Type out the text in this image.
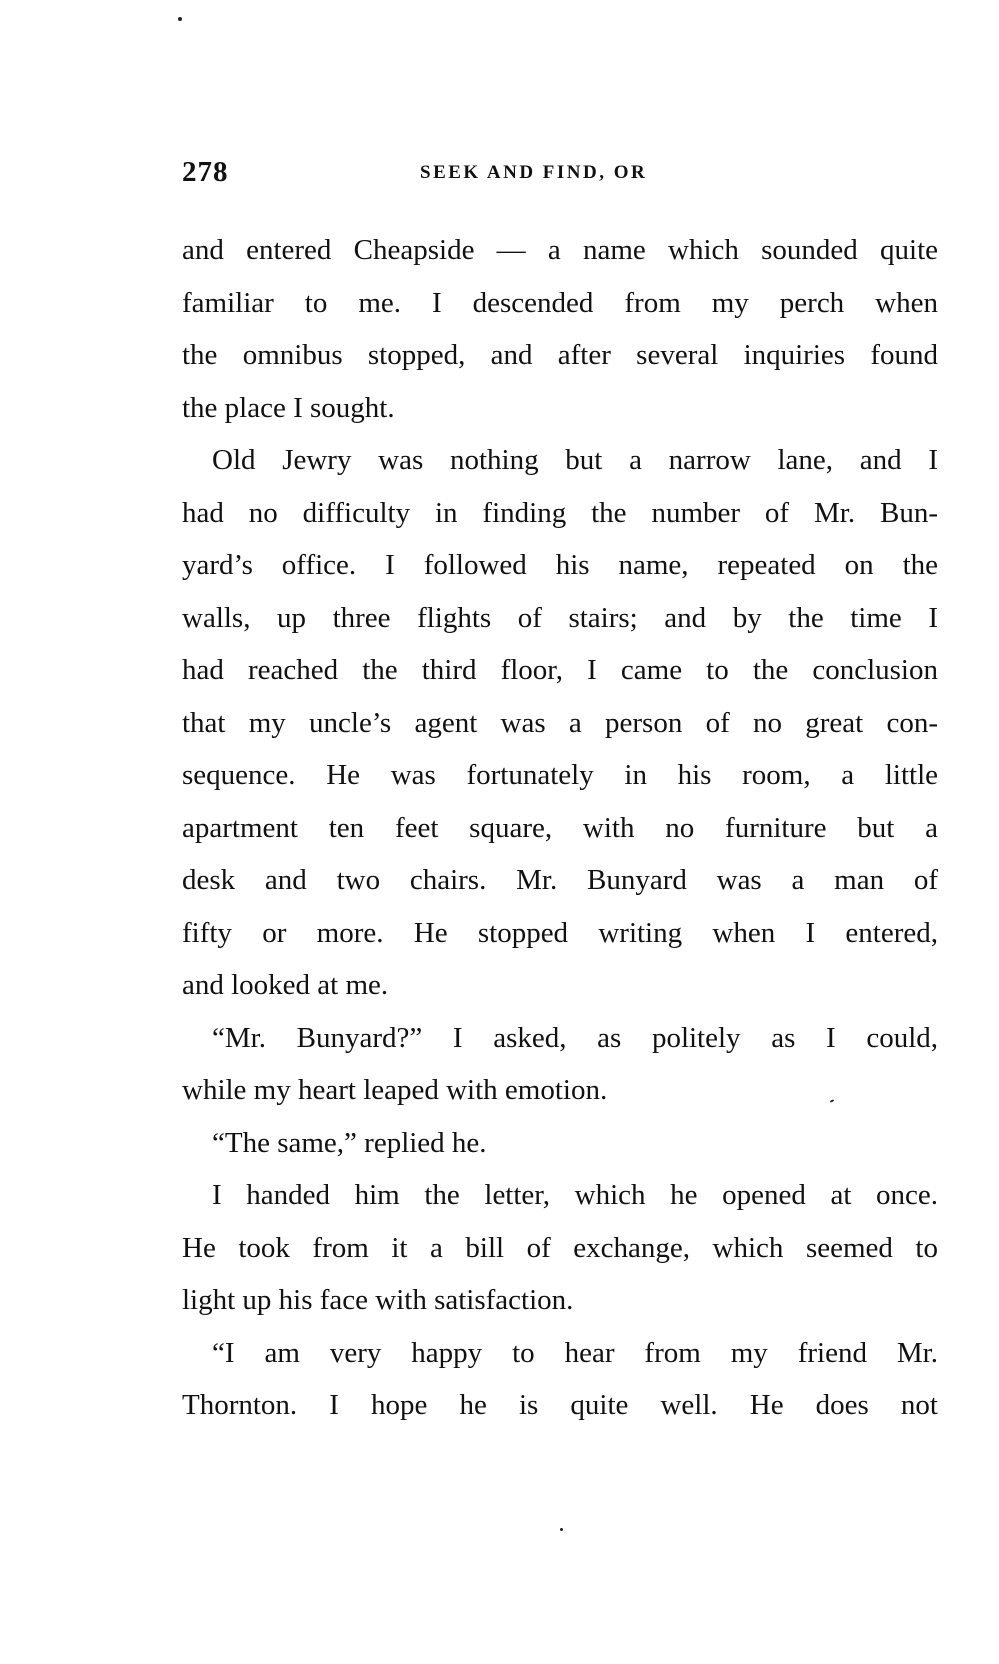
278	SEEK AND FIND, OR
and entered Cheapside — a name which sounded quite
familiar to me. I descended from my perch when
the omnibus stopped, and after several inquiries found
the place I sought.
Old Jewry was nothing but a narrow lane, and I
had no difficulty in finding the number of Mr. Bun-
yard’s office. I followed his name, repeated on the
walls, up three flights of stairs; and by the time I
had reached the third floor, I came to the conclusion
that my uncle’s agent was a person of no great con-
sequence. He was fortunately in his room, a little
apartment ten feet square, with no furniture but a
desk and two chairs. Mr. Bunyard was a man of
fifty or more. He stopped writing when I entered,
and looked at me.
“Mr. Bunyard?” I asked, as politely as I could,
while my heart leaped with emotion.
“The same,” replied he.
I handed him the letter, which he opened at once.
He took from it a bill of exchange, which seemed to
light up his face with satisfaction.
“I am very happy to hear from my friend Mr.
Thornton. I hope he is quite well. He does not
